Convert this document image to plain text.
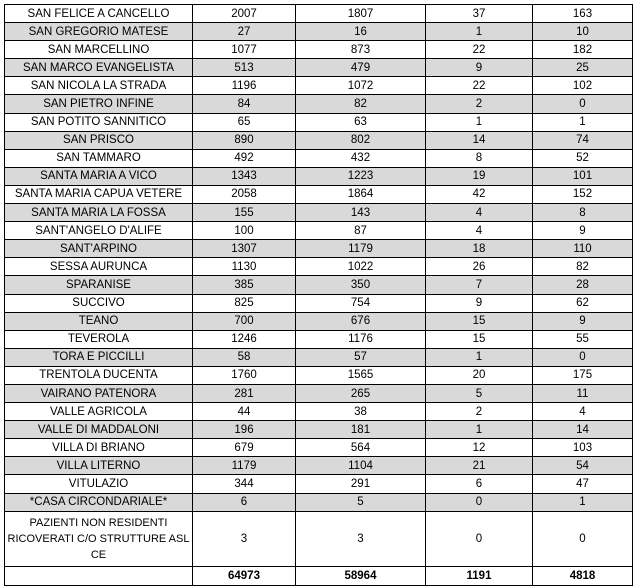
SAN FELICE A CANCELLO	2007	1807	37	163
SAN GREGORIO MATESE	27	16	1	10
SAN MARCELLINO	1077	873	22	182
SAN MARCO EVANGELISTA	513	479	9	25
SAN NICOLA LA STRADA	1196	1072	22	102
SAN PIETRO INFINE	84	82	2	0
SAN POTITO SANNITICO	65	63	1	1
SAN PRISCO	890	802	14	74
SAN TAMMARO	492	432	8	52
SANTA MARIA A VICO	1343	1223	19	101
SANTA MARIA CAPUA VETERE	2058	1864	42	152
SANTA MARIA LA FOSSA	155	143	4	8
SANT'ANGELO D'ALIFE	100	87	4	9
SANT'ARPINO	1307	1179	18	110
SESSA AURUNCA	1130	1022	26	82
SPARANISE	385	350	7	28
SUCCIVO	825	754	9	62
TEANO	700	676	15	9
TEVEROLA	1246	1176	15	55
TORA E PICCILLI	58	57	1	0
TRENTOLA DUCENTA	1760	1565	20	175
VAIRANO PATENORA	281	265	5	11
VALLE AGRICOLA	44	38	2	4
VALLE DI MADDALONI	196	181	1	14
VILLA DI BRIANO	679	564	12	103
VILLA LITERNO	1179	1104	21	54
VITULAZIO	344	291	6	47
*CASA CIRCONDARIALE*	6	5	0	1
PAZIENTI NON RESIDENTI RICOVERATI C/O STRUTTURE ASL CE	3	3	0	0
	64973	58964	1191	4818
